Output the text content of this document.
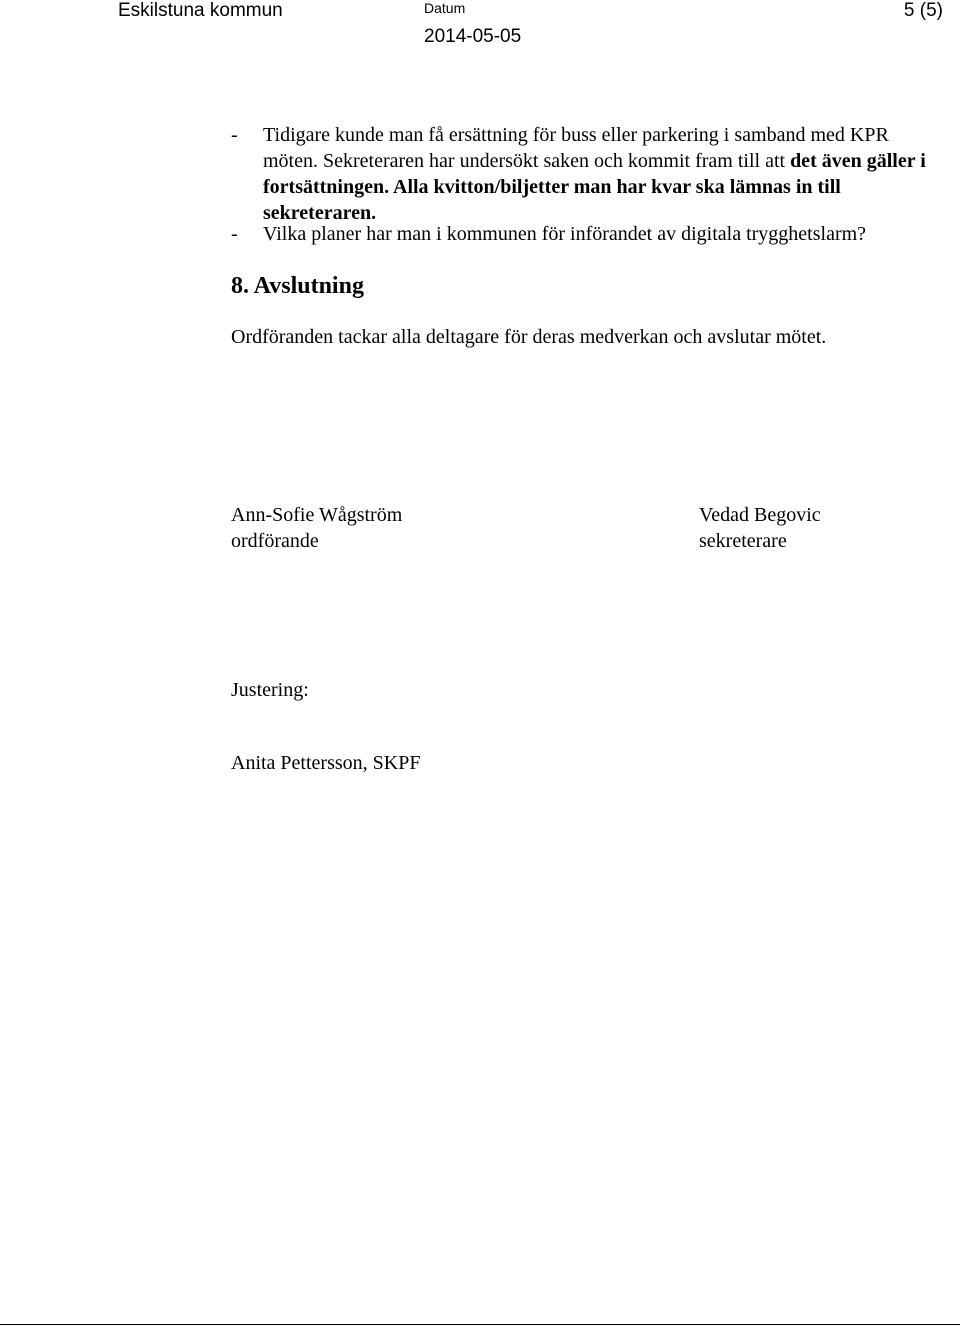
Eskilstuna kommun	Datum
2014-05-05
5 (5)
- Tidigare kunde man få ersättning för buss eller parkering i samband med KPR möten. Sekreteraren har undersökt saken och kommit fram till att det även gäller i fortsättningen. Alla kvitton/biljetter man har kvar ska lämnas in till sekreteraren.
- Vilka planer har man i kommunen för införandet av digitala trygghetslarm?
8. Avslutning
Ordföranden tackar alla deltagare för deras medverkan och avslutar mötet.
Ann-Sofie Wågström
ordförande
Vedad Begovic
sekreterare
Justering:
Anita Pettersson, SKPF
